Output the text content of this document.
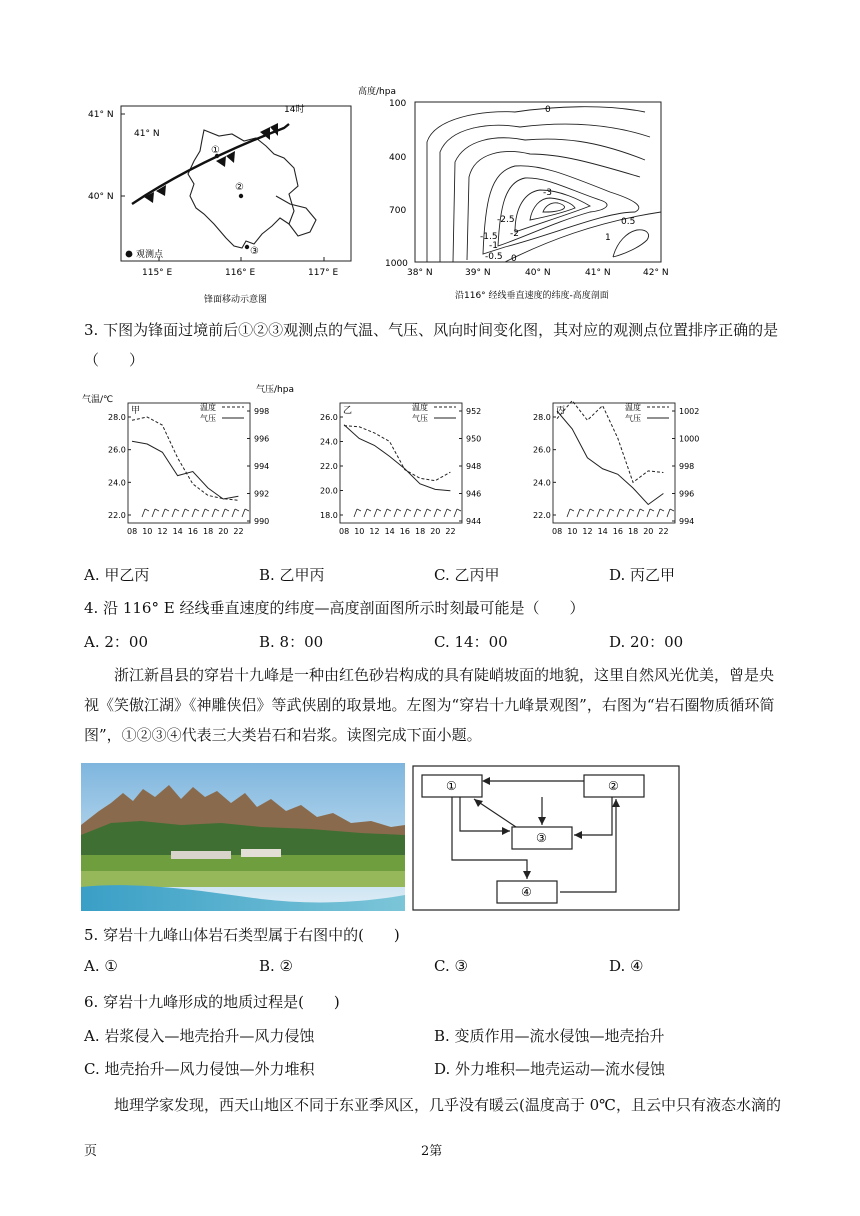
41° N
41° N
40° N
115° E	116° E	117° E
14时
①
②
③
观测点
锋面移动示意图
高度/hpa
100
400
700
1000
38° N	39° N	40° N	41° N	42° N
0
-3
-2.5
-2
-1.5
-1
-0.5 0
0.5
1
沿116° 经线垂直速度的纬度-高度剖面
3. 下图为锋面过境前后①②③观测点的气温、气压、风向时间变化图，其对应的观测点位置排序正确的是（　　）
气温/℃
气压/hpa
28.0
26.0
24.0
22.0
998
996
994
992
990
08 10 12 14 16 18 20 22
甲	温度
气压	26.0
24.0
22.0
20.0
18.0
952
950
948
946
944
08 10 12 14 16 18 20 22
乙	温度
气压	28.0
26.0
24.0
22.0
1002
1000
998
996
994
08 10 12 14 16 18 20 22
丙	温度
气压
A. 甲乙丙	B. 乙甲丙	C. 乙丙甲	D. 丙乙甲
4. 沿 116° E 经线垂直速度的纬度—高度剖面图所示时刻最可能是（　　）
A. 2：00	B. 8：00	C. 14：00	D. 20：00
浙江新昌县的穿岩十九峰是一种由红色砂岩构成的具有陡峭坡面的地貌，这里自然风光优美，曾是央视《笑傲江湖》《神雕侠侣》等武侠剧的取景地。左图为“穿岩十九峰景观图”，右图为“岩石圈物质循环简图”，①②③④代表三大类岩石和岩浆。读图完成下面小题。
①	②
③
④
5. 穿岩十九峰山体岩石类型属于右图中的(　　)
A. ①	B. ②	C. ③	D. ④
6. 穿岩十九峰形成的地质过程是(　　)
A. 岩浆侵入—地壳抬升—风力侵蚀	B. 变质作用—流水侵蚀—地壳抬升
C. 地壳抬升—风力侵蚀—外力堆积	D. 外力堆积—地壳运动—流水侵蚀
地理学家发现，西天山地区不同于东亚季风区，几乎没有暖云(温度高于 0℃，且云中只有液态水滴的
页	2第
